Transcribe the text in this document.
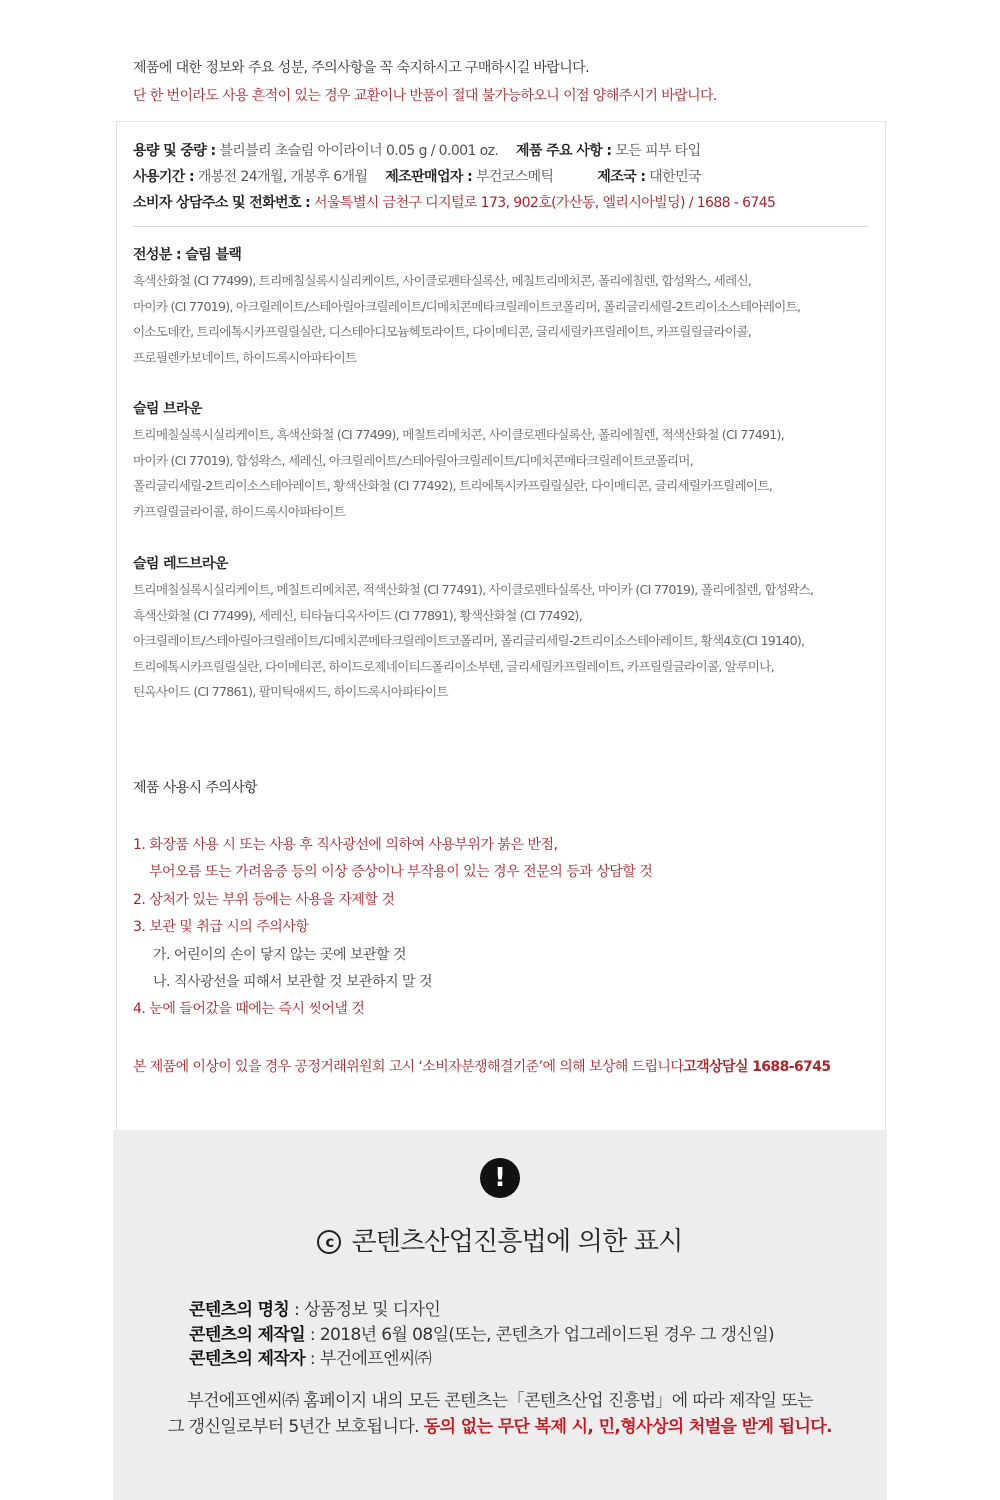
제품에 대한 정보와 주요 성분, 주의사항을 꼭 숙지하시고 구매하시길 바랍니다.
단 한 번이라도 사용 흔적이 있는 경우 교환이나 반품이 절대 불가능하오니 이점 양해주시기 바랍니다.
용량 및 중량 : 블리블리 초슬림 아이라이너 0.05 g / 0.001 oz. 제품 주요 사항 : 모든 피부 타입
사용기간 : 개봉전 24개월, 개봉후 6개월 제조판매업자 : 부건코스메틱	제조국 : 대한민국
소비자 상담주소 및 전화번호 : 서울특별시 금천구 디지털로 173, 902호(가산동, 엘리시아빌딩) / 1688 - 6745
전성분 : 슬림 블랙
흑색산화철 (CI 77499), 트리메칠실록시실리케이트, 사이클로펜타실록산, 메칠트리메치콘, 폴리에칠렌, 합성왁스, 세레신,
마이카 (CI 77019), 아크릴레이트/스테아릴아크릴레이트/디메치콘메타크릴레이트코폴리머, 폴리글리세릴-2트리이소스테아레이트,
이소도데칸, 트리에톡시카프릴릴실란, 디스테아디모늄헥토라이트, 다이메티콘, 글리세릴카프릴레이트, 카프릴릴글라이콜,
프로필렌카보네이트, 하이드록시아파타이트
슬림 브라운
트리메칠실록시실리케이트, 흑색산화철 (CI 77499), 메칠트리메치콘, 사이클로펜타실록산, 폴리에칠렌, 적색산화철 (CI 77491),
마이카 (CI 77019), 합성왁스, 세레신, 아크릴레이트/스테아릴아크릴레이트/디메치콘메타크릴레이트코폴리머,
폴리글리세릴-2트리이소스테아레이트, 황색산화철 (CI 77492), 트리에톡시카프릴릴실란, 다이메티콘, 글리세릴카프릴레이트,
카프릴릴글라이콜, 하이드록시아파타이트
슬림 레드브라운
트리메칠실록시실리케이트, 메칠트리메치콘, 적색산화철 (CI 77491), 사이클로펜타실록산, 마이카 (CI 77019), 폴리에칠렌, 합성왁스,
흑색산화철 (CI 77499), 세레신, 티타늄디옥사이드 (CI 77891), 황색산화철 (CI 77492),
아크릴레이트/스테아릴아크릴레이트/디메치콘메타크릴레이트코폴리머, 폴리글리세릴-2트리이소스테아레이트, 황색4호(CI 19140),
트리에톡시카프릴릴실란, 다이메티콘, 하이드로제네이티드폴리이소부텐, 글리세릴카프릴레이트, 카프릴릴글라이콜, 알루미나,
틴옥사이드 (CI 77861), 팔미틱애씨드, 하이드록시아파타이트
제품 사용시 주의사항
1. 화장품 사용 시 또는 사용 후 직사광선에 의하여 사용부위가 붉은 반점,
부어오름 또는 가려움증 등의 이상 증상이나 부작용이 있는 경우 전문의 등과 상담할 것
2. 상처가 있는 부위 등에는 사용을 자제할 것
3. 보관 및 취급 시의 주의사항
가. 어린이의 손이 닿지 않는 곳에 보관할 것
나. 직사광선을 피해서 보관할 것 보관하지 말 것
4. 눈에 들어갔을 때에는 즉시 씻어낼 것
본 제품에 이상이 있을 경우 공정거래위원회 고시 ‘소비자분쟁해결기준’에 의해 보상해 드립니다고객상담실 1688-6745
!
c 콘텐츠산업진흥법에 의한 표시
콘텐츠의 명칭 : 상품정보 및 디자인
콘텐츠의 제작일 : 2018년 6월 08일(또는, 콘텐츠가 업그레이드된 경우 그 갱신일)
콘텐츠의 제작자 : 부건에프엔씨㈜
부건에프엔씨㈜ 홈페이지 내의 모든 콘텐츠는「콘텐츠산업 진흥법」에 따라 제작일 또는
그 갱신일로부터 5년간 보호됩니다. 동의 없는 무단 복제 시, 민,형사상의 처벌을 받게 됩니다.
